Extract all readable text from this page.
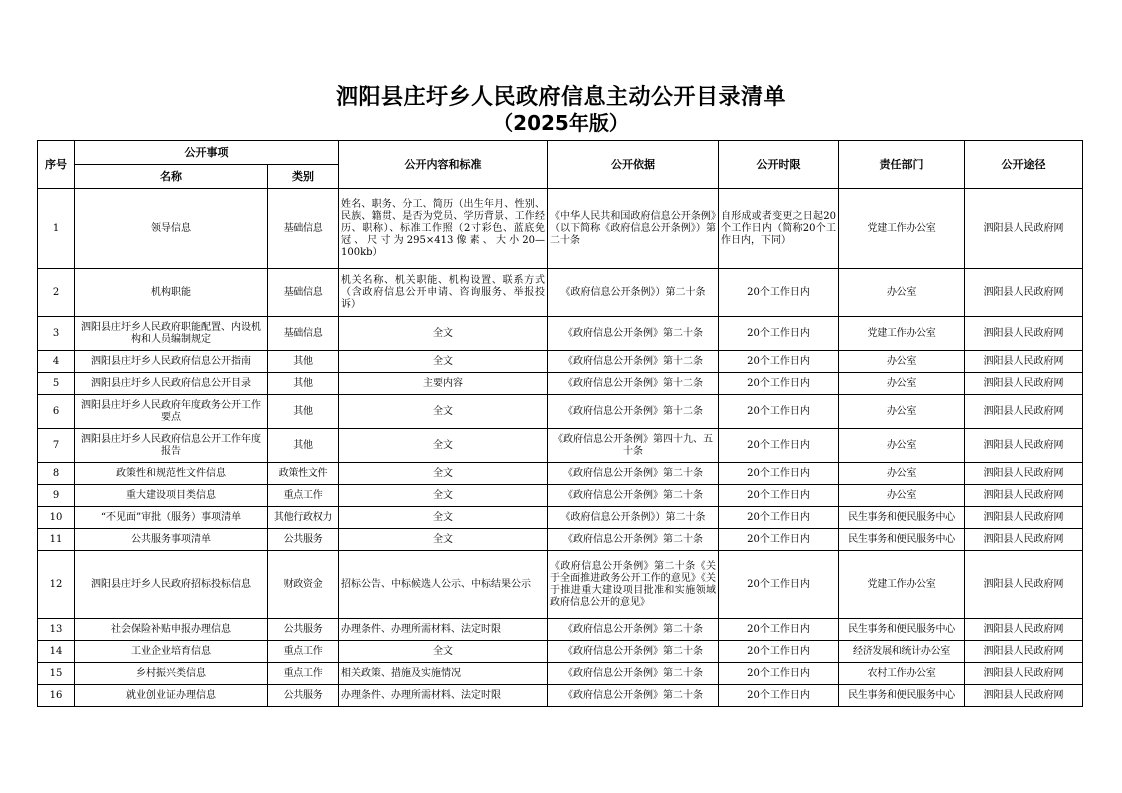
泗阳县庄圩乡人民政府信息主动公开目录清单
（2025年版）
序号	公开事项		公开内容和标准	公开依据	公开时限	责任部门	公开途径
	名称	类别					
1	领导信息	基础信息	姓名、职务、分工、简历（出生年月、性别、民族、籍贯、是否为党员、学历背景、工作经历、职称）、标准工作照（2寸彩色、蓝底免冠、尺寸为295×413像素、大小20—100kb）	《中华人民共和国政府信息公开条例》（以下简称《政府信息公开条例》）第二十条	自形成或者变更之日起20个工作日内（简称20个工作日内，下同）	党建工作办公室	泗阳县人民政府网
2	机构职能	基础信息	机关名称、机关职能、机构设置、联系方式（含政府信息公开申请、咨询服务、举报投诉）	《政府信息公开条例》）第二十条	20个工作日内	办公室	泗阳县人民政府网
3	泗阳县庄圩乡人民政府职能配置、内设机构和人员编制规定	基础信息	全文	《政府信息公开条例》第二十条	20个工作日内	党建工作办公室	泗阳县人民政府网
4	泗阳县庄圩乡人民政府信息公开指南	其他	全文	《政府信息公开条例》第十二条	20个工作日内	办公室	泗阳县人民政府网
5	泗阳县庄圩乡人民政府信息公开目录	其他	主要内容	《政府信息公开条例》第十二条	20个工作日内	办公室	泗阳县人民政府网
6	泗阳县庄圩乡人民政府年度政务公开工作要点	其他	全文	《政府信息公开条例》第十二条	20个工作日内	办公室	泗阳县人民政府网
7	泗阳县庄圩乡人民政府信息公开工作年度报告	其他	全文	《政府信息公开条例》第四十九、五十条	20个工作日内	办公室	泗阳县人民政府网
8	政策性和规范性文件信息	政策性文件	全文	《政府信息公开条例》第二十条	20个工作日内	办公室	泗阳县人民政府网
9	重大建设项目类信息	重点工作	全文	《政府信息公开条例》第二十条	20个工作日内	办公室	泗阳县人民政府网
10	“不见面”审批（服务）事项清单	其他行政权力	全文	《政府信息公开条例》）第二十条	20个工作日内	民生事务和便民服务中心	泗阳县人民政府网
11	公共服务事项清单	公共服务	全文	《政府信息公开条例》第二十条	20个工作日内	民生事务和便民服务中心	泗阳县人民政府网
12	泗阳县庄圩乡人民政府招标投标信息	财政资金	招标公告、中标候选人公示、中标结果公示	《政府信息公开条例》第二十条《关于全面推进政务公开工作的意见》《关于推进重大建设项目批准和实施领域政府信息公开的意见》	20个工作日内	党建工作办公室	泗阳县人民政府网
13	社会保险补贴申报办理信息	公共服务	办理条件、办理所需材料、法定时限	《政府信息公开条例》第二十条	20个工作日内	民生事务和便民服务中心	泗阳县人民政府网
14	工业企业培育信息	重点工作	全文	《政府信息公开条例》第二十条	20个工作日内	经济发展和统计办公室	泗阳县人民政府网
15	乡村振兴类信息	重点工作	相关政策、措施及实施情况	《政府信息公开条例》第二十条	20个工作日内	农村工作办公室	泗阳县人民政府网
16	就业创业证办理信息	公共服务	办理条件、办理所需材料、法定时限	《政府信息公开条例》第二十条	20个工作日内	民生事务和便民服务中心	泗阳县人民政府网
